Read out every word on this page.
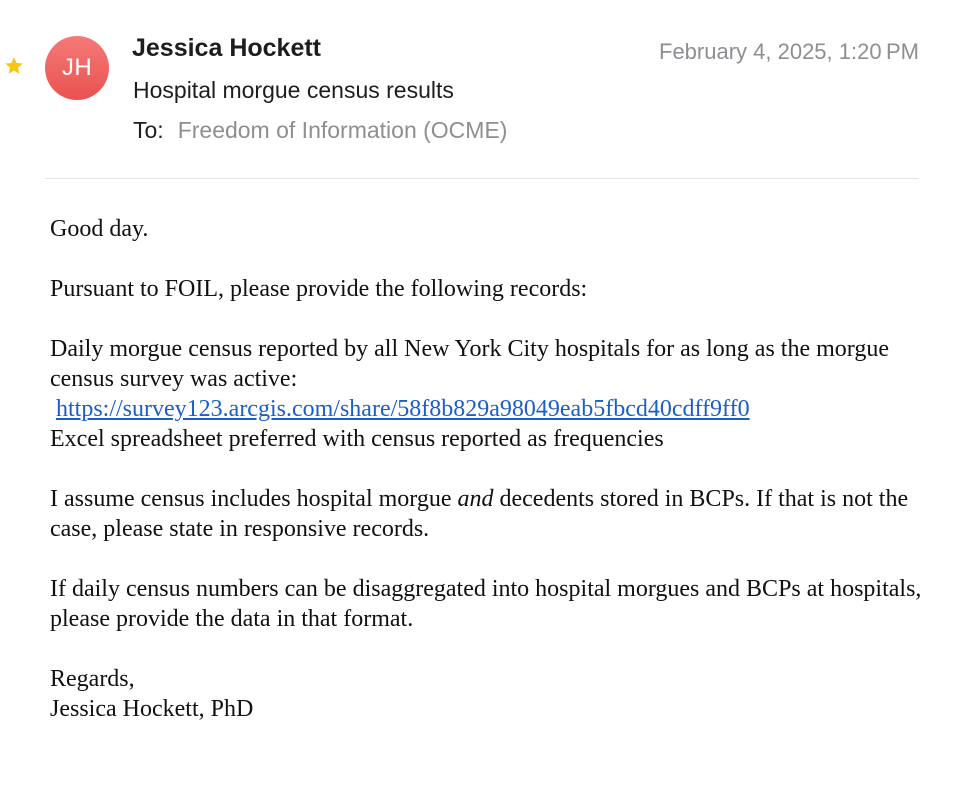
JH
Jessica Hockett	February 4, 2025, 1:20 PM
Hospital morgue census results
To: Freedom of Information (OCME)

Good day.

Pursuant to FOIL, please provide the following records:

Daily morgue census reported by all New York City hospitals for as long as the morgue census survey was active:

https://survey123.arcgis.com/share/58f8b829a98049eab5fbcd40cdff9ff0

Excel spreadsheet preferred with census reported as frequencies

I assume census includes hospital morgue and decedents stored in BCPs. If that is not the case, please state in responsive records.

If daily census numbers can be disaggregated into hospital morgues and BCPs at hospitals, please provide the data in that format.

Regards,

Jessica Hockett, PhD
